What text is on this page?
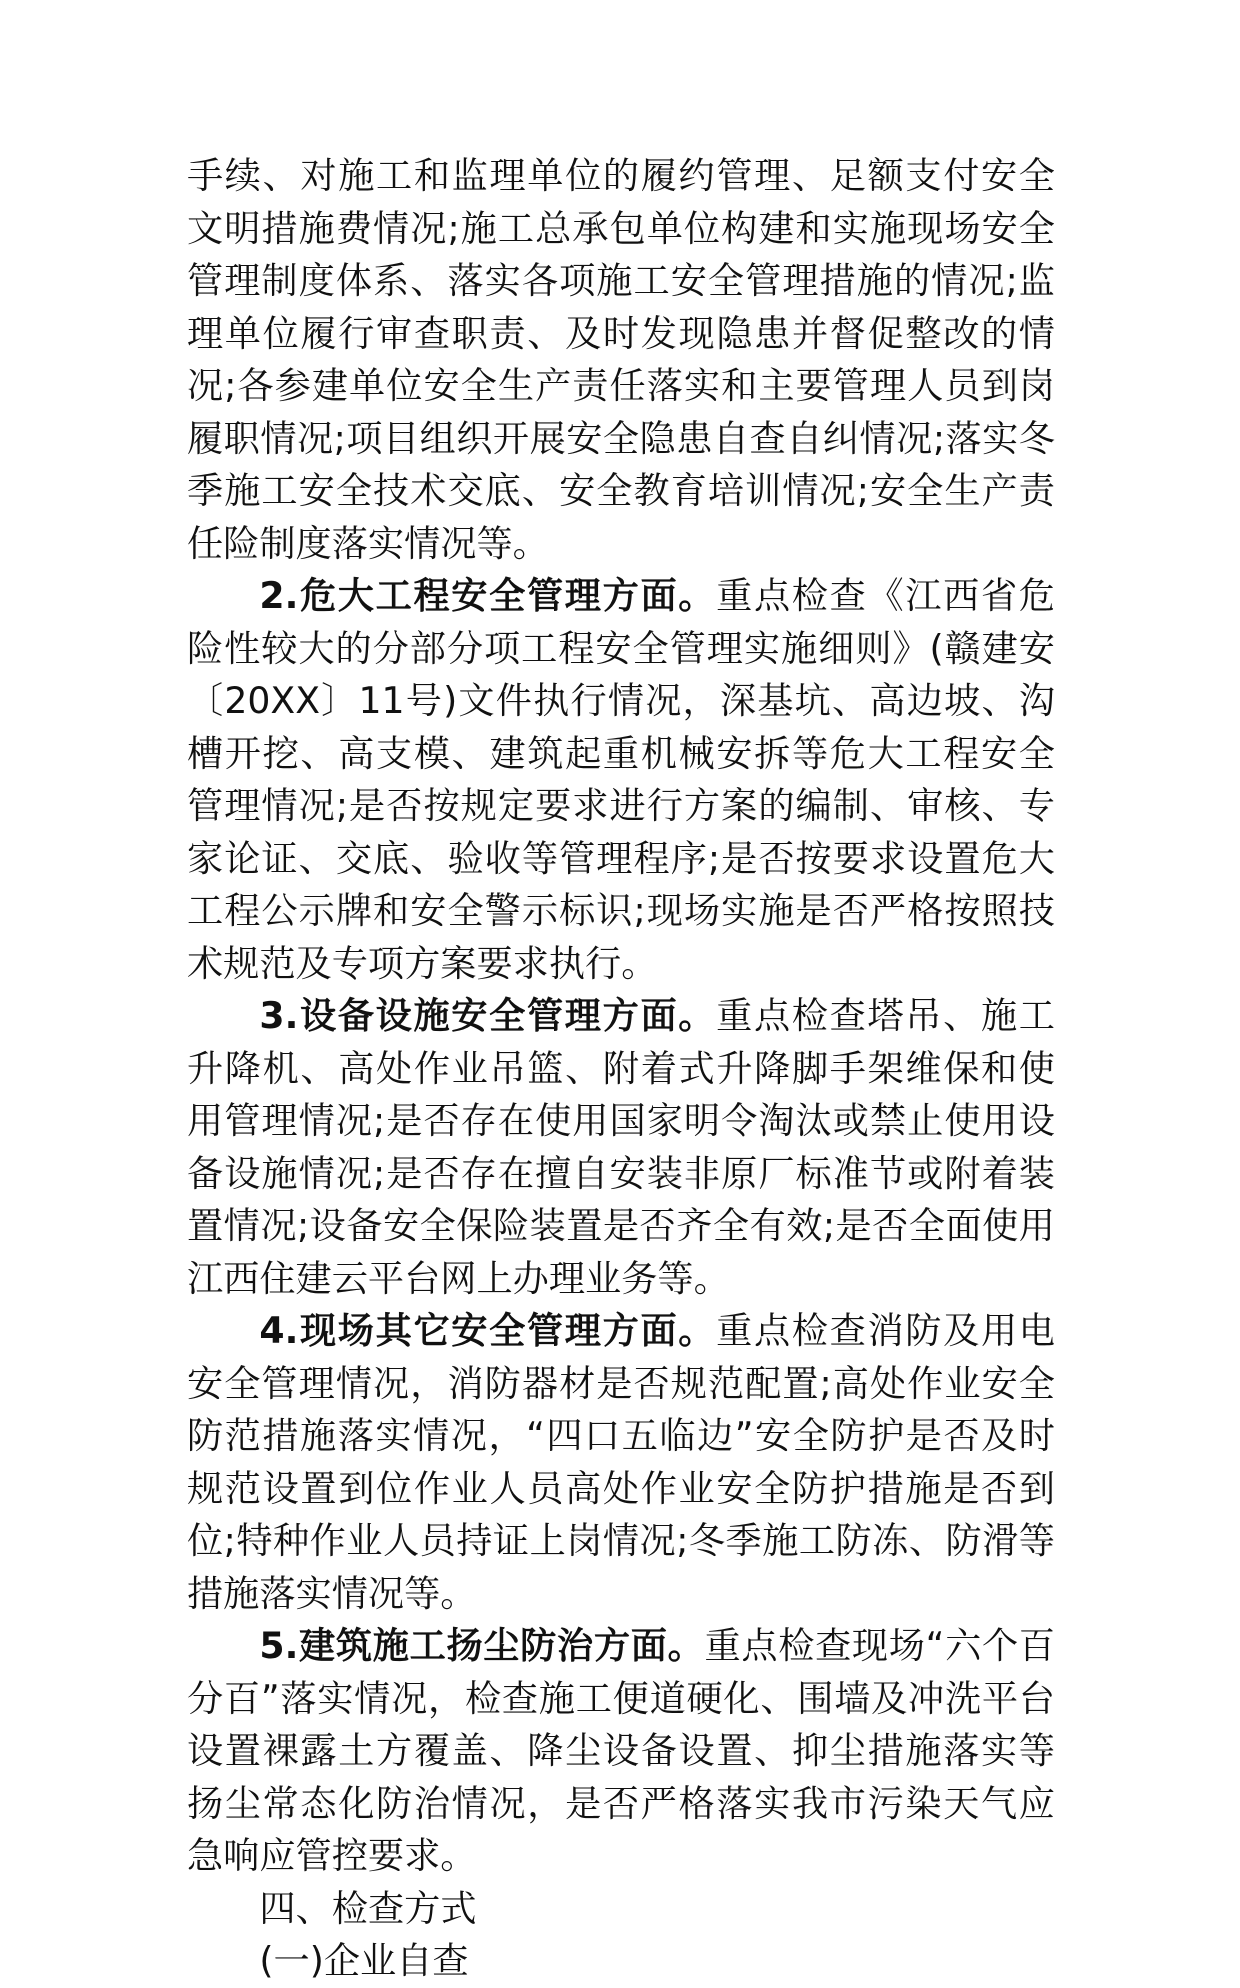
手续、对施工和监理单位的履约管理、足额支付安全文明措施费情况;施工总承包单位构建和实施现场安全管理制度体系、落实各项施工安全管理措施的情况;监理单位履行审查职责、及时发现隐患并督促整改的情况;各参建单位安全生产责任落实和主要管理人员到岗履职情况;项目组织开展安全隐患自查自纠情况;落实冬季施工安全技术交底、安全教育培训情况;安全生产责任险制度落实情况等。

2.危大工程安全管理方面。重点检查《江西省危险性较大的分部分项工程安全管理实施细则》(赣建安〔20XX〕11号)文件执行情况，深基坑、高边坡、沟槽开挖、高支模、建筑起重机械安拆等危大工程安全管理情况;是否按规定要求进行方案的编制、审核、专家论证、交底、验收等管理程序;是否按要求设置危大工程公示牌和安全警示标识;现场实施是否严格按照技术规范及专项方案要求执行。

3.设备设施安全管理方面。重点检查塔吊、施工升降机、高处作业吊篮、附着式升降脚手架维保和使用管理情况;是否存在使用国家明令淘汰或禁止使用设备设施情况;是否存在擅自安装非原厂标准节或附着装置情况;设备安全保险装置是否齐全有效;是否全面使用江西住建云平台网上办理业务等。

4.现场其它安全管理方面。重点检查消防及用电安全管理情况，消防器材是否规范配置;高处作业安全防范措施落实情况，“四口五临边”安全防护是否及时规范设置到位作业人员高处作业安全防护措施是否到位;特种作业人员持证上岗情况;冬季施工防冻、防滑等措施落实情况等。

5.建筑施工扬尘防治方面。重点检查现场“六个百分百”落实情况，检查施工便道硬化、围墙及冲洗平台设置裸露土方覆盖、降尘设备设置、抑尘措施落实等扬尘常态化防治情况，是否严格落实我市污染天气应急响应管控要求。

四、检查方式

(一)企业自查
